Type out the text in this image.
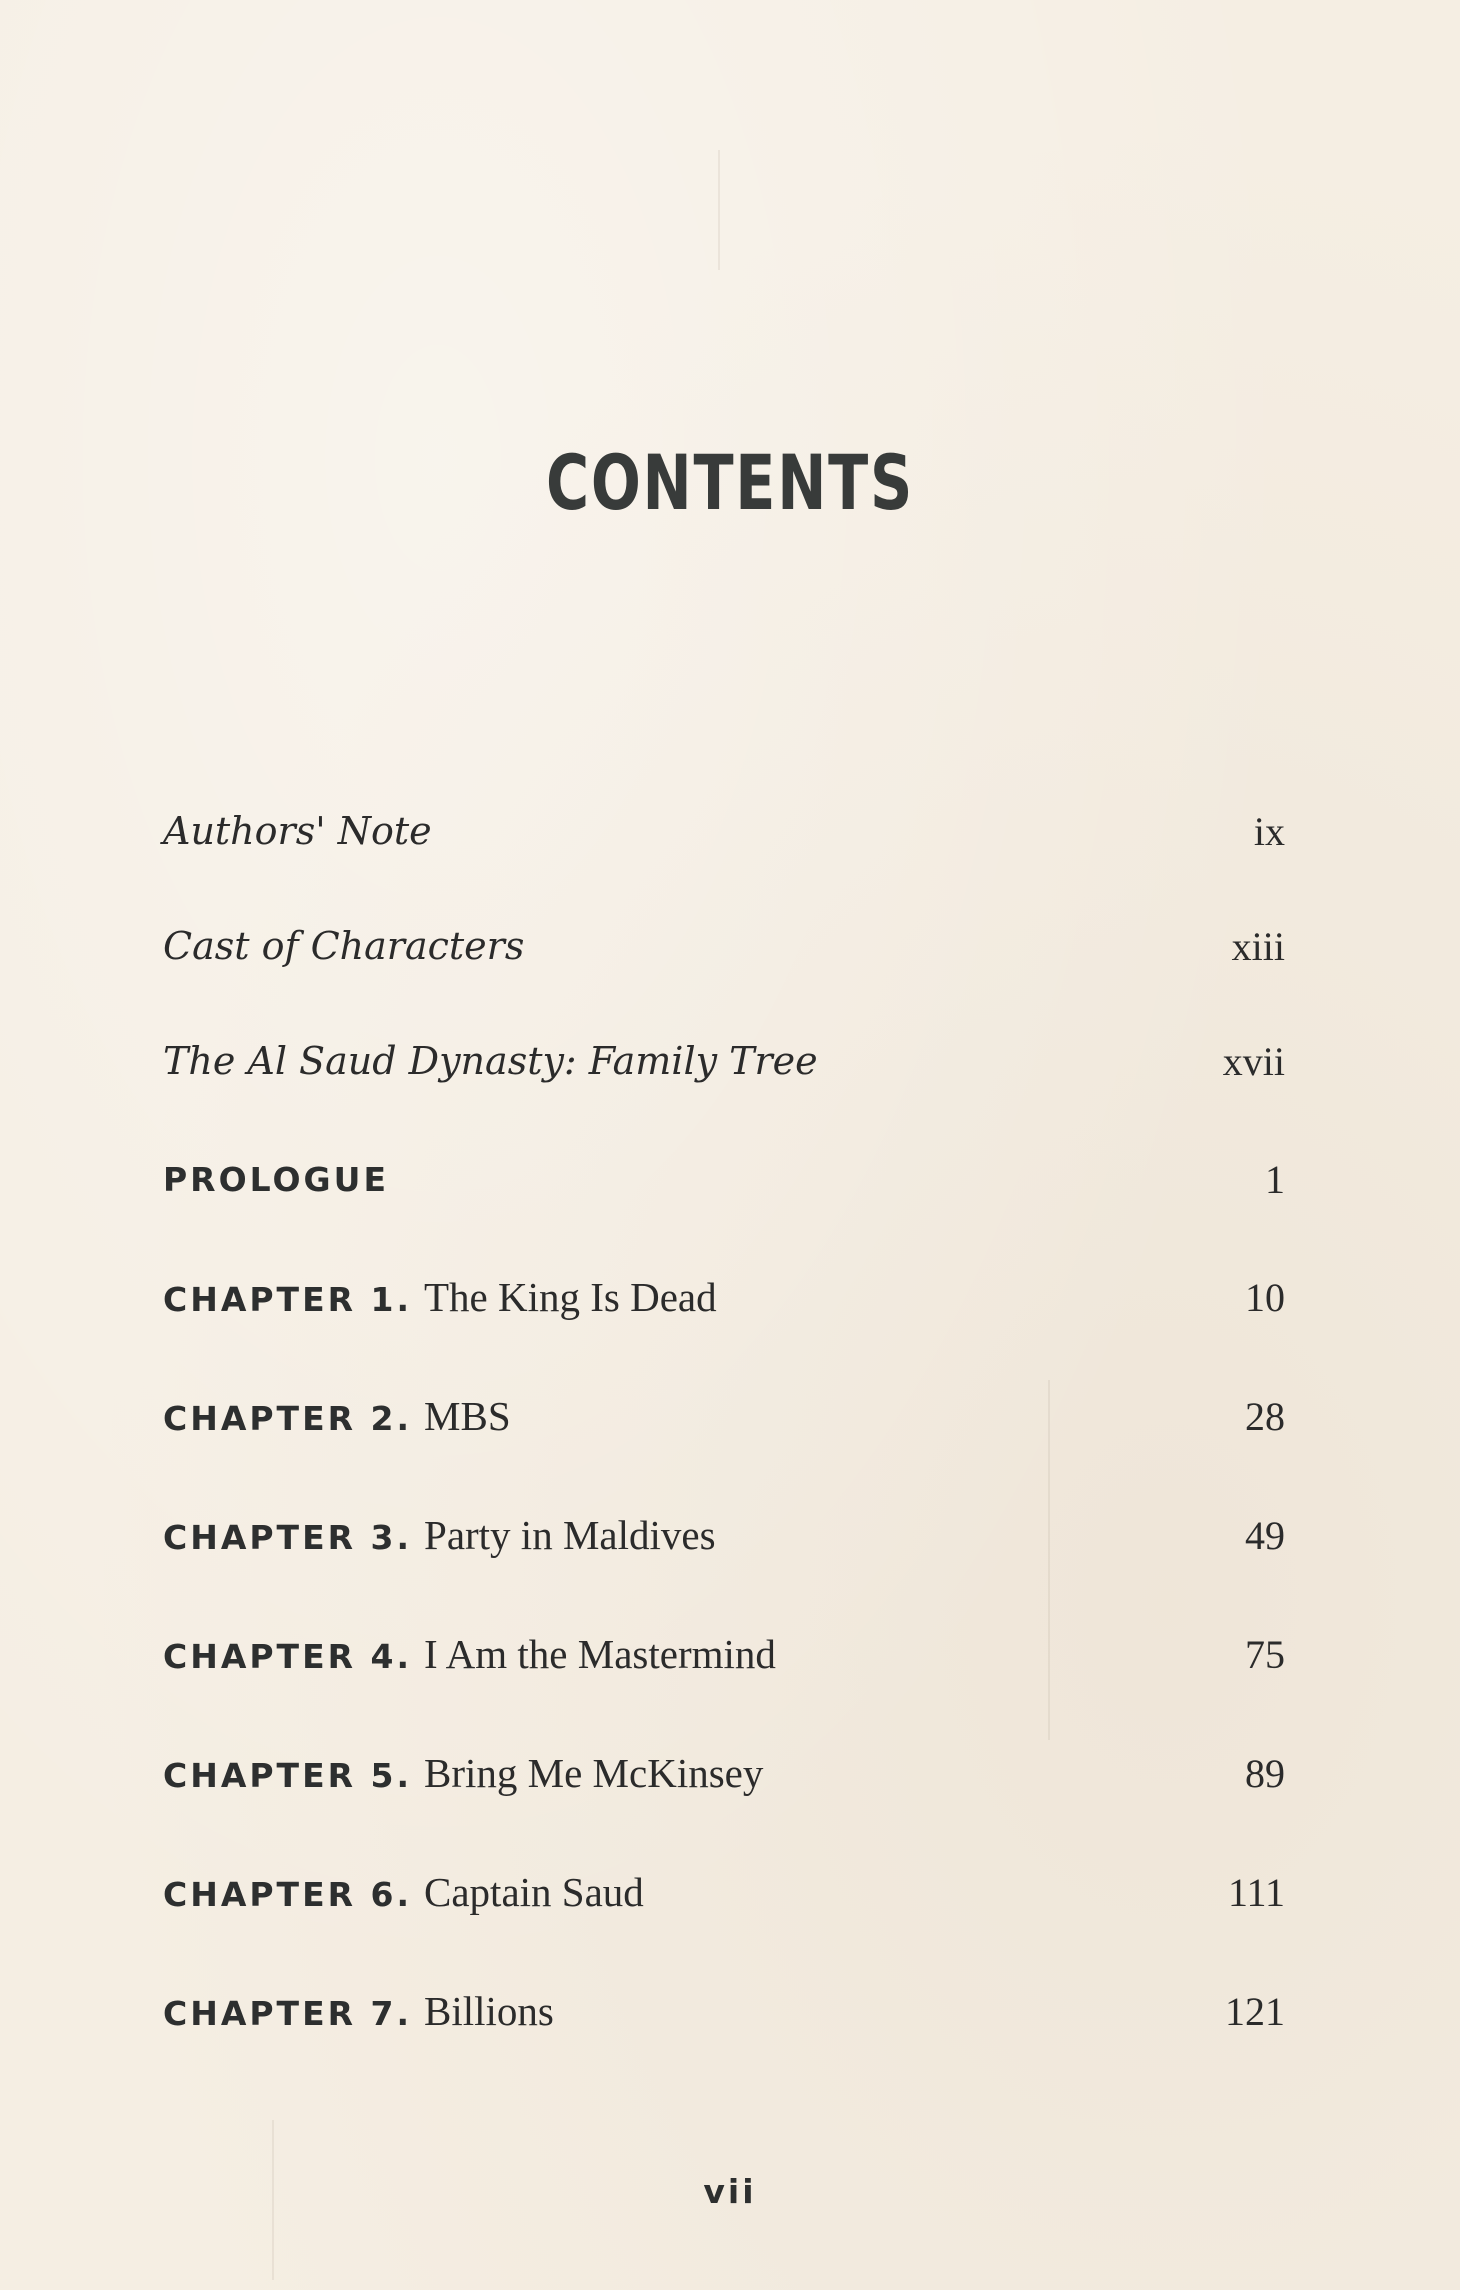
CONTENTS
Authors' Note	ix
Cast of Characters	xiii
The Al Saud Dynasty: Family Tree	xvii
PROLOGUE	1
CHAPTER 1. The King Is Dead	10
CHAPTER 2. MBS	28
CHAPTER 3. Party in Maldives	49
CHAPTER 4. I Am the Mastermind	75
CHAPTER 5. Bring Me McKinsey	89
CHAPTER 6. Captain Saud	111
CHAPTER 7. Billions	121
vii
